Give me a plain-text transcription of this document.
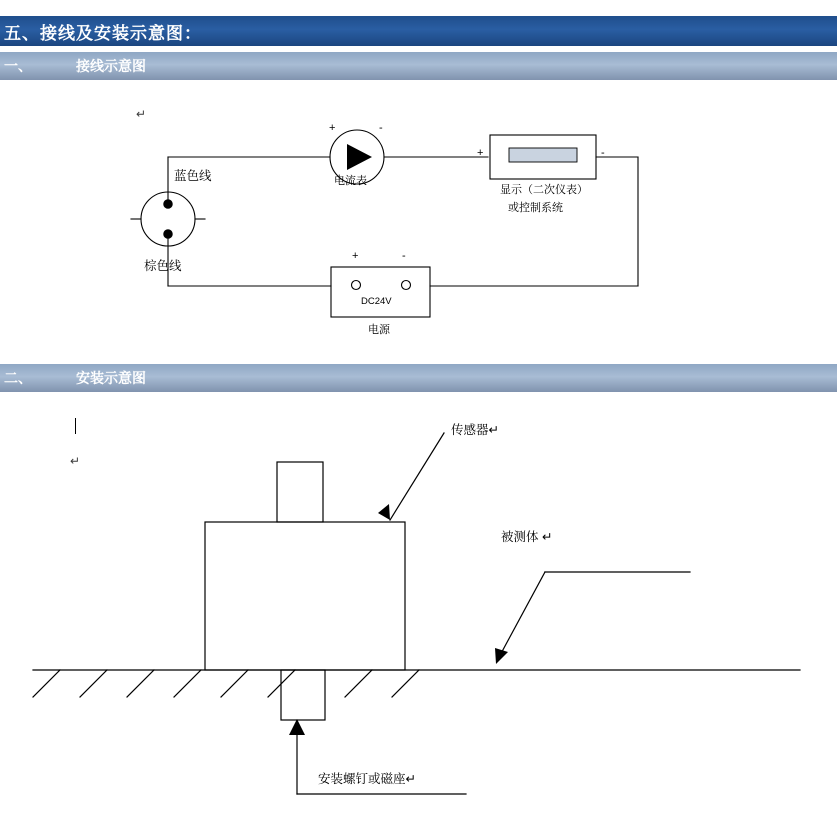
五、接线及安装示意图：
一、	接线示意图
↵
蓝色线
棕色线
+	-
电流表
+	-
显示（二次仪表）
或控制系统
+	-
DC24V
电源
二、	安装示意图
↵
传感器↵
被测体 ↵
安装螺钉或磁座↵
